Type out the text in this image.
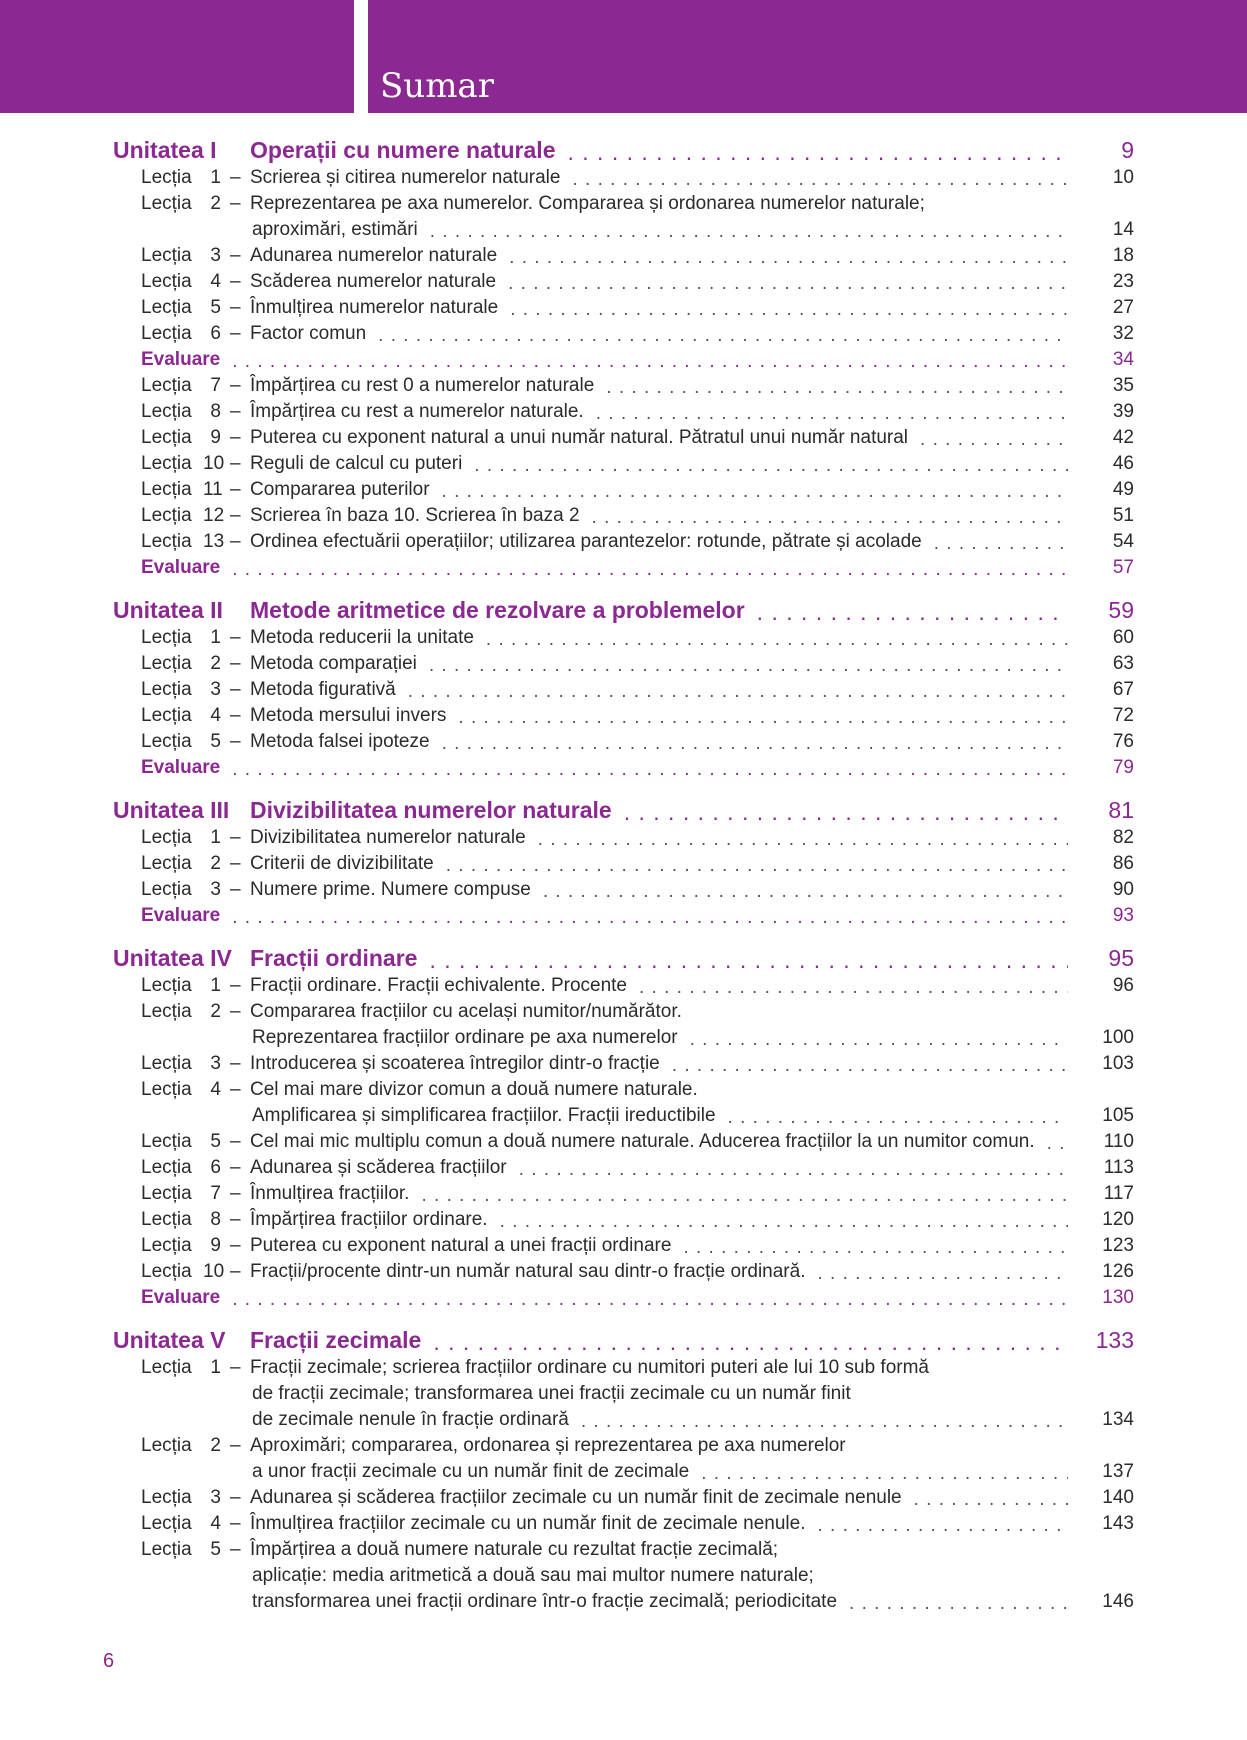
Sumar
Unitatea I Operații cu numere naturale . . .	9
Lecția 1 – Scrierea și citirea numerelor naturale . . .	10
Lecția 2 – Reprezentarea pe axa numerelor. Compararea și ordonarea numerelor naturale;
aproximări, estimări . . .	14
Lecția 3 – Adunarea numerelor naturale . . .	18
Lecția 4 – Scăderea numerelor naturale . . .	23
Lecția 5 – Înmulțirea numerelor naturale . . .	27
Lecția 6 – Factor comun . . .	32
Evaluare . . .	34
Lecția 7 – Împărțirea cu rest 0 a numerelor naturale . . .	35
Lecția 8 – Împărțirea cu rest a numerelor naturale. . . .	39
Lecția 9 – Puterea cu exponent natural a unui număr natural. Pătratul unui număr natural . . .	42
Lecția 10 – Reguli de calcul cu puteri . . .	46
Lecția 11 – Compararea puterilor . . .	49
Lecția 12 – Scrierea în baza 10. Scrierea în baza 2 . . .	51
Lecția 13 – Ordinea efectuării operațiilor; utilizarea parantezelor: rotunde, pătrate și acolade . . .	54
Evaluare . . .	57
Unitatea II Metode aritmetice de rezolvare a problemelor . . .	59
Lecția 1 – Metoda reducerii la unitate . . .	60
Lecția 2 – Metoda comparației . . .	63
Lecția 3 – Metoda figurativă . . .	67
Lecția 4 – Metoda mersului invers . . .	72
Lecția 5 – Metoda falsei ipoteze . . .	76
Evaluare . . .	79
Unitatea III Divizibilitatea numerelor naturale . . .	81
Lecția 1 – Divizibilitatea numerelor naturale . . .	82
Lecția 2 – Criterii de divizibilitate . . .	86
Lecția 3 – Numere prime. Numere compuse . . .	90
Evaluare . . .	93
Unitatea IV Fracții ordinare . . .	95
Lecția 1 – Fracții ordinare. Fracții echivalente. Procente . . .	96
Lecția 2 – Compararea fracțiilor cu același numitor/numărător.
Reprezentarea fracțiilor ordinare pe axa numerelor . . .	100
Lecția 3 – Introducerea și scoaterea întregilor dintr-o fracție . . .	103
Lecția 4 – Cel mai mare divizor comun a două numere naturale.
Amplificarea și simplificarea fracțiilor. Fracții ireductibile . . .	105
Lecția 5 – Cel mai mic multiplu comun a două numere naturale. Aducerea fracțiilor la un numitor comun. . . .	110
Lecția 6 – Adunarea și scăderea fracțiilor . . .	113
Lecția 7 – Înmulțirea fracțiilor. . . .	117
Lecția 8 – Împărțirea fracțiilor ordinare. . . .	120
Lecția 9 – Puterea cu exponent natural a unei fracții ordinare . . .	123
Lecția 10 – Fracții/procente dintr-un număr natural sau dintr-o fracție ordinară. . . .	126
Evaluare . . .	130
Unitatea V Fracții zecimale . . .	133
Lecția 1 – Fracții zecimale; scrierea fracțiilor ordinare cu numitori puteri ale lui 10 sub formă
de fracții zecimale; transformarea unei fracții zecimale cu un număr finit
de zecimale nenule în fracție ordinară . . .	134
Lecția 2 – Aproximări; compararea, ordonarea și reprezentarea pe axa numerelor
a unor fracții zecimale cu un număr finit de zecimale . . .	137
Lecția 3 – Adunarea și scăderea fracțiilor zecimale cu un număr finit de zecimale nenule . . .	140
Lecția 4 – Înmulțirea fracțiilor zecimale cu un număr finit de zecimale nenule. . . .	143
Lecția 5 – Împărțirea a două numere naturale cu rezultat fracție zecimală;
aplicație: media aritmetică a două sau mai multor numere naturale;
transformarea unei fracții ordinare într-o fracție zecimală; periodicitate . . .	146
6
